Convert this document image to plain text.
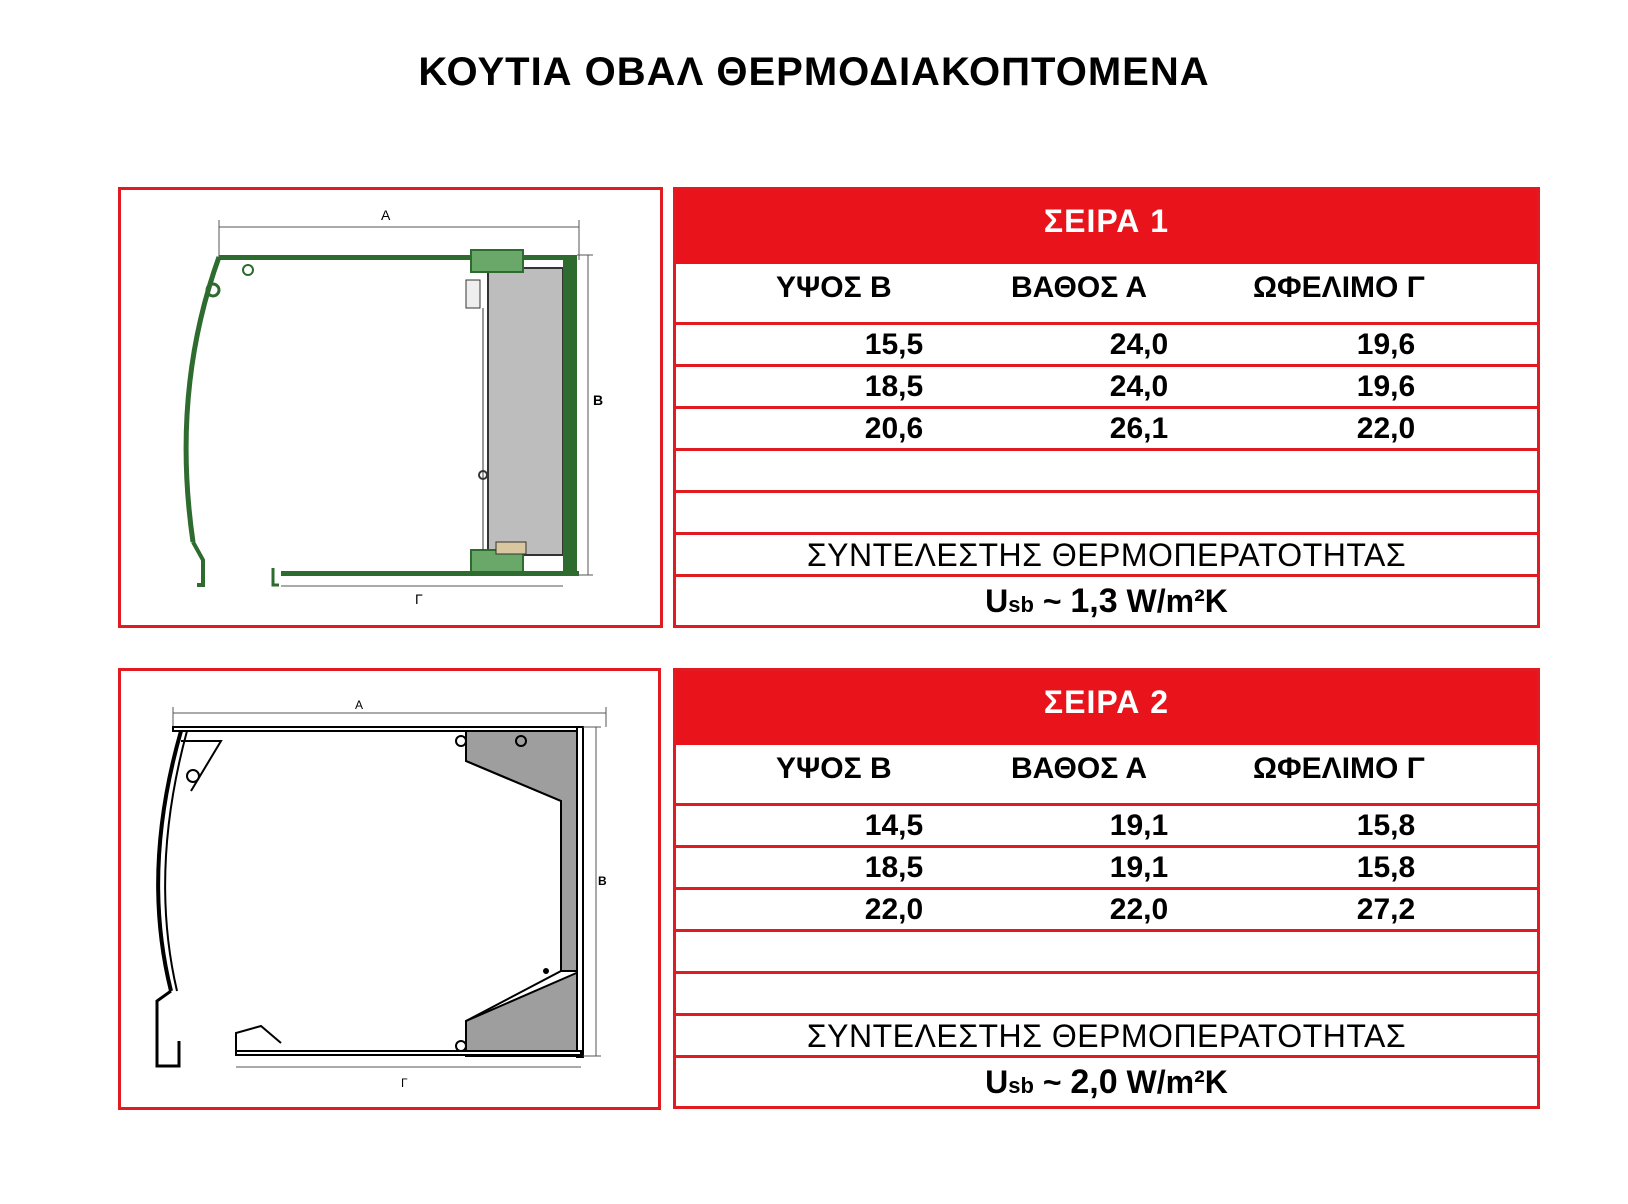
ΚΟΥΤΙΑ ΟΒΑΛ ΘΕΡΜΟΔΙΑΚΟΠΤΟΜΕΝΑ
Α
Β
Γ
ΣΕΙΡΑ 1
ΥΨΟΣ Β	ΒΑΘΟΣ Α	ΩΦΕΛΙΜΟ Γ
15,5	24,0	19,6
18,5	24,0	19,6
20,6	26,1	22,0
ΣΥΝΤΕΛΕΣΤΗΣ ΘΕΡΜΟΠΕΡΑΤΟΤΗΤΑΣ
Usb ~ 1,3 W/m²K
Α
Β
Γ
ΣΕΙΡΑ 2
ΥΨΟΣ Β	ΒΑΘΟΣ Α	ΩΦΕΛΙΜΟ Γ
14,5	19,1	15,8
18,5	19,1	15,8
22,0	22,0	27,2
ΣΥΝΤΕΛΕΣΤΗΣ ΘΕΡΜΟΠΕΡΑΤΟΤΗΤΑΣ
Usb ~ 2,0 W/m²K
